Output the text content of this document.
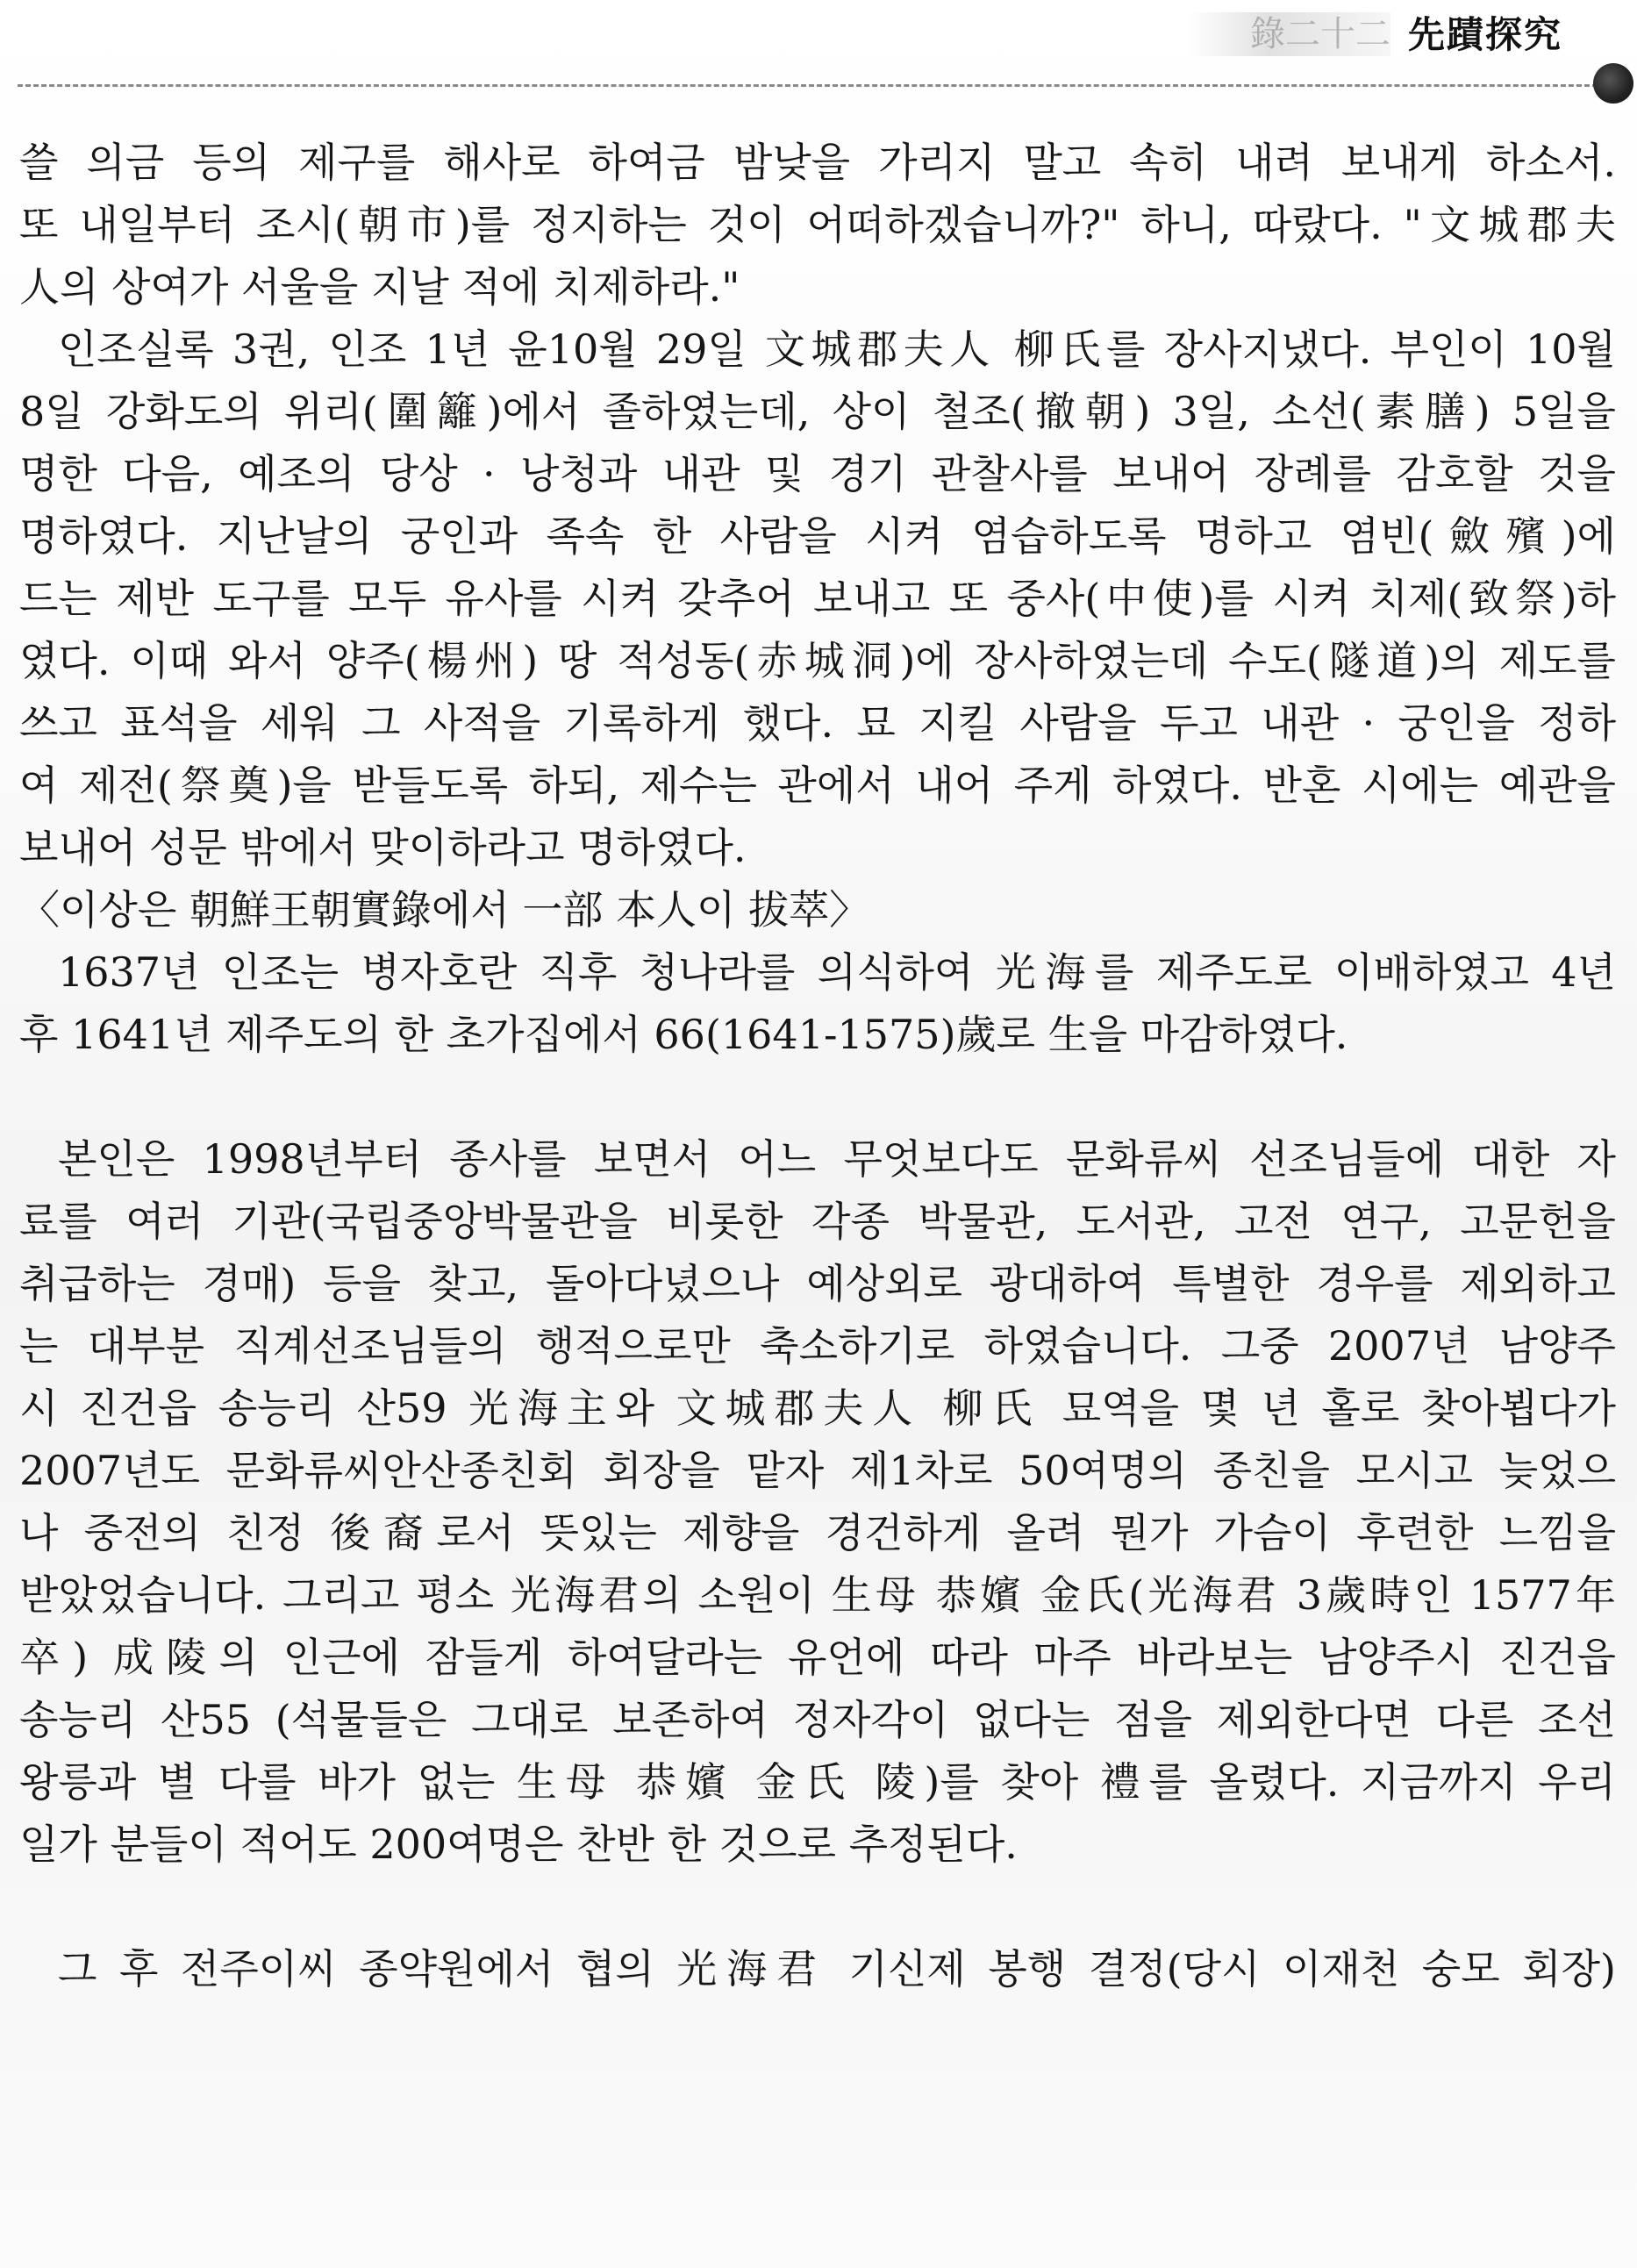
錄二十二 先蹟探究
쓸 의금 등의 제구를 해사로 하여금 밤낮을 가리지 말고 속히 내려 보내게 하소서.
또 내일부터 조시(朝市)를 정지하는 것이 어떠하겠습니까?" 하니, 따랐다. "文城郡夫
人의 상여가 서울을 지날 적에 치제하라."
인조실록 3권, 인조 1년 윤10월 29일 文城郡夫人 柳氏를 장사지냈다. 부인이 10월
8일 강화도의 위리(圍籬)에서 졸하였는데, 상이 철조(撤朝) 3일, 소선(素膳) 5일을
명한 다음, 예조의 당상 · 낭청과 내관 및 경기 관찰사를 보내어 장례를 감호할 것을
명하였다. 지난날의 궁인과 족속 한 사람을 시켜 염습하도록 명하고 염빈(斂殯)에
드는 제반 도구를 모두 유사를 시켜 갖추어 보내고 또 중사(中使)를 시켜 치제(致祭)하
였다. 이때 와서 양주(楊州) 땅 적성동(赤城洞)에 장사하였는데 수도(隧道)의 제도를
쓰고 표석을 세워 그 사적을 기록하게 했다. 묘 지킬 사람을 두고 내관 · 궁인을 정하
여 제전(祭奠)을 받들도록 하되, 제수는 관에서 내어 주게 하였다. 반혼 시에는 예관을
보내어 성문 밖에서 맞이하라고 명하였다.
〈이상은 朝鮮王朝實錄에서 一部 本人이 拔萃〉
1637년 인조는 병자호란 직후 청나라를 의식하여 光海를 제주도로 이배하였고 4년
후 1641년 제주도의 한 초가집에서 66(1641-1575)歲로 生을 마감하였다.
본인은 1998년부터 종사를 보면서 어느 무엇보다도 문화류씨 선조님들에 대한 자
료를 여러 기관(국립중앙박물관을 비롯한 각종 박물관, 도서관, 고전 연구, 고문헌을
취급하는 경매) 등을 찾고, 돌아다녔으나 예상외로 광대하여 특별한 경우를 제외하고
는 대부분 직계선조님들의 행적으로만 축소하기로 하였습니다. 그중 2007년 남양주
시 진건읍 송능리 산59 光海主와 文城郡夫人 柳氏 묘역을 몇 년 홀로 찾아뵙다가
2007년도 문화류씨안산종친회 회장을 맡자 제1차로 50여명의 종친을 모시고 늦었으
나 중전의 친정 後裔로서 뜻있는 제향을 경건하게 올려 뭔가 가슴이 후련한 느낌을
받았었습니다. 그리고 평소 光海君의 소원이 生母 恭嬪 金氏(光海君 3歲時인 1577年
卒) 成陵의 인근에 잠들게 하여달라는 유언에 따라 마주 바라보는 남양주시 진건읍
송능리 산55 (석물들은 그대로 보존하여 정자각이 없다는 점을 제외한다면 다른 조선
왕릉과 별 다를 바가 없는 生母 恭嬪 金氏 陵)를 찾아 禮를 올렸다. 지금까지 우리
일가 분들이 적어도 200여명은 찬반 한 것으로 추정된다.
그 후 전주이씨 종약원에서 협의 光海君 기신제 봉행 결정(당시 이재천 숭모 회장)
